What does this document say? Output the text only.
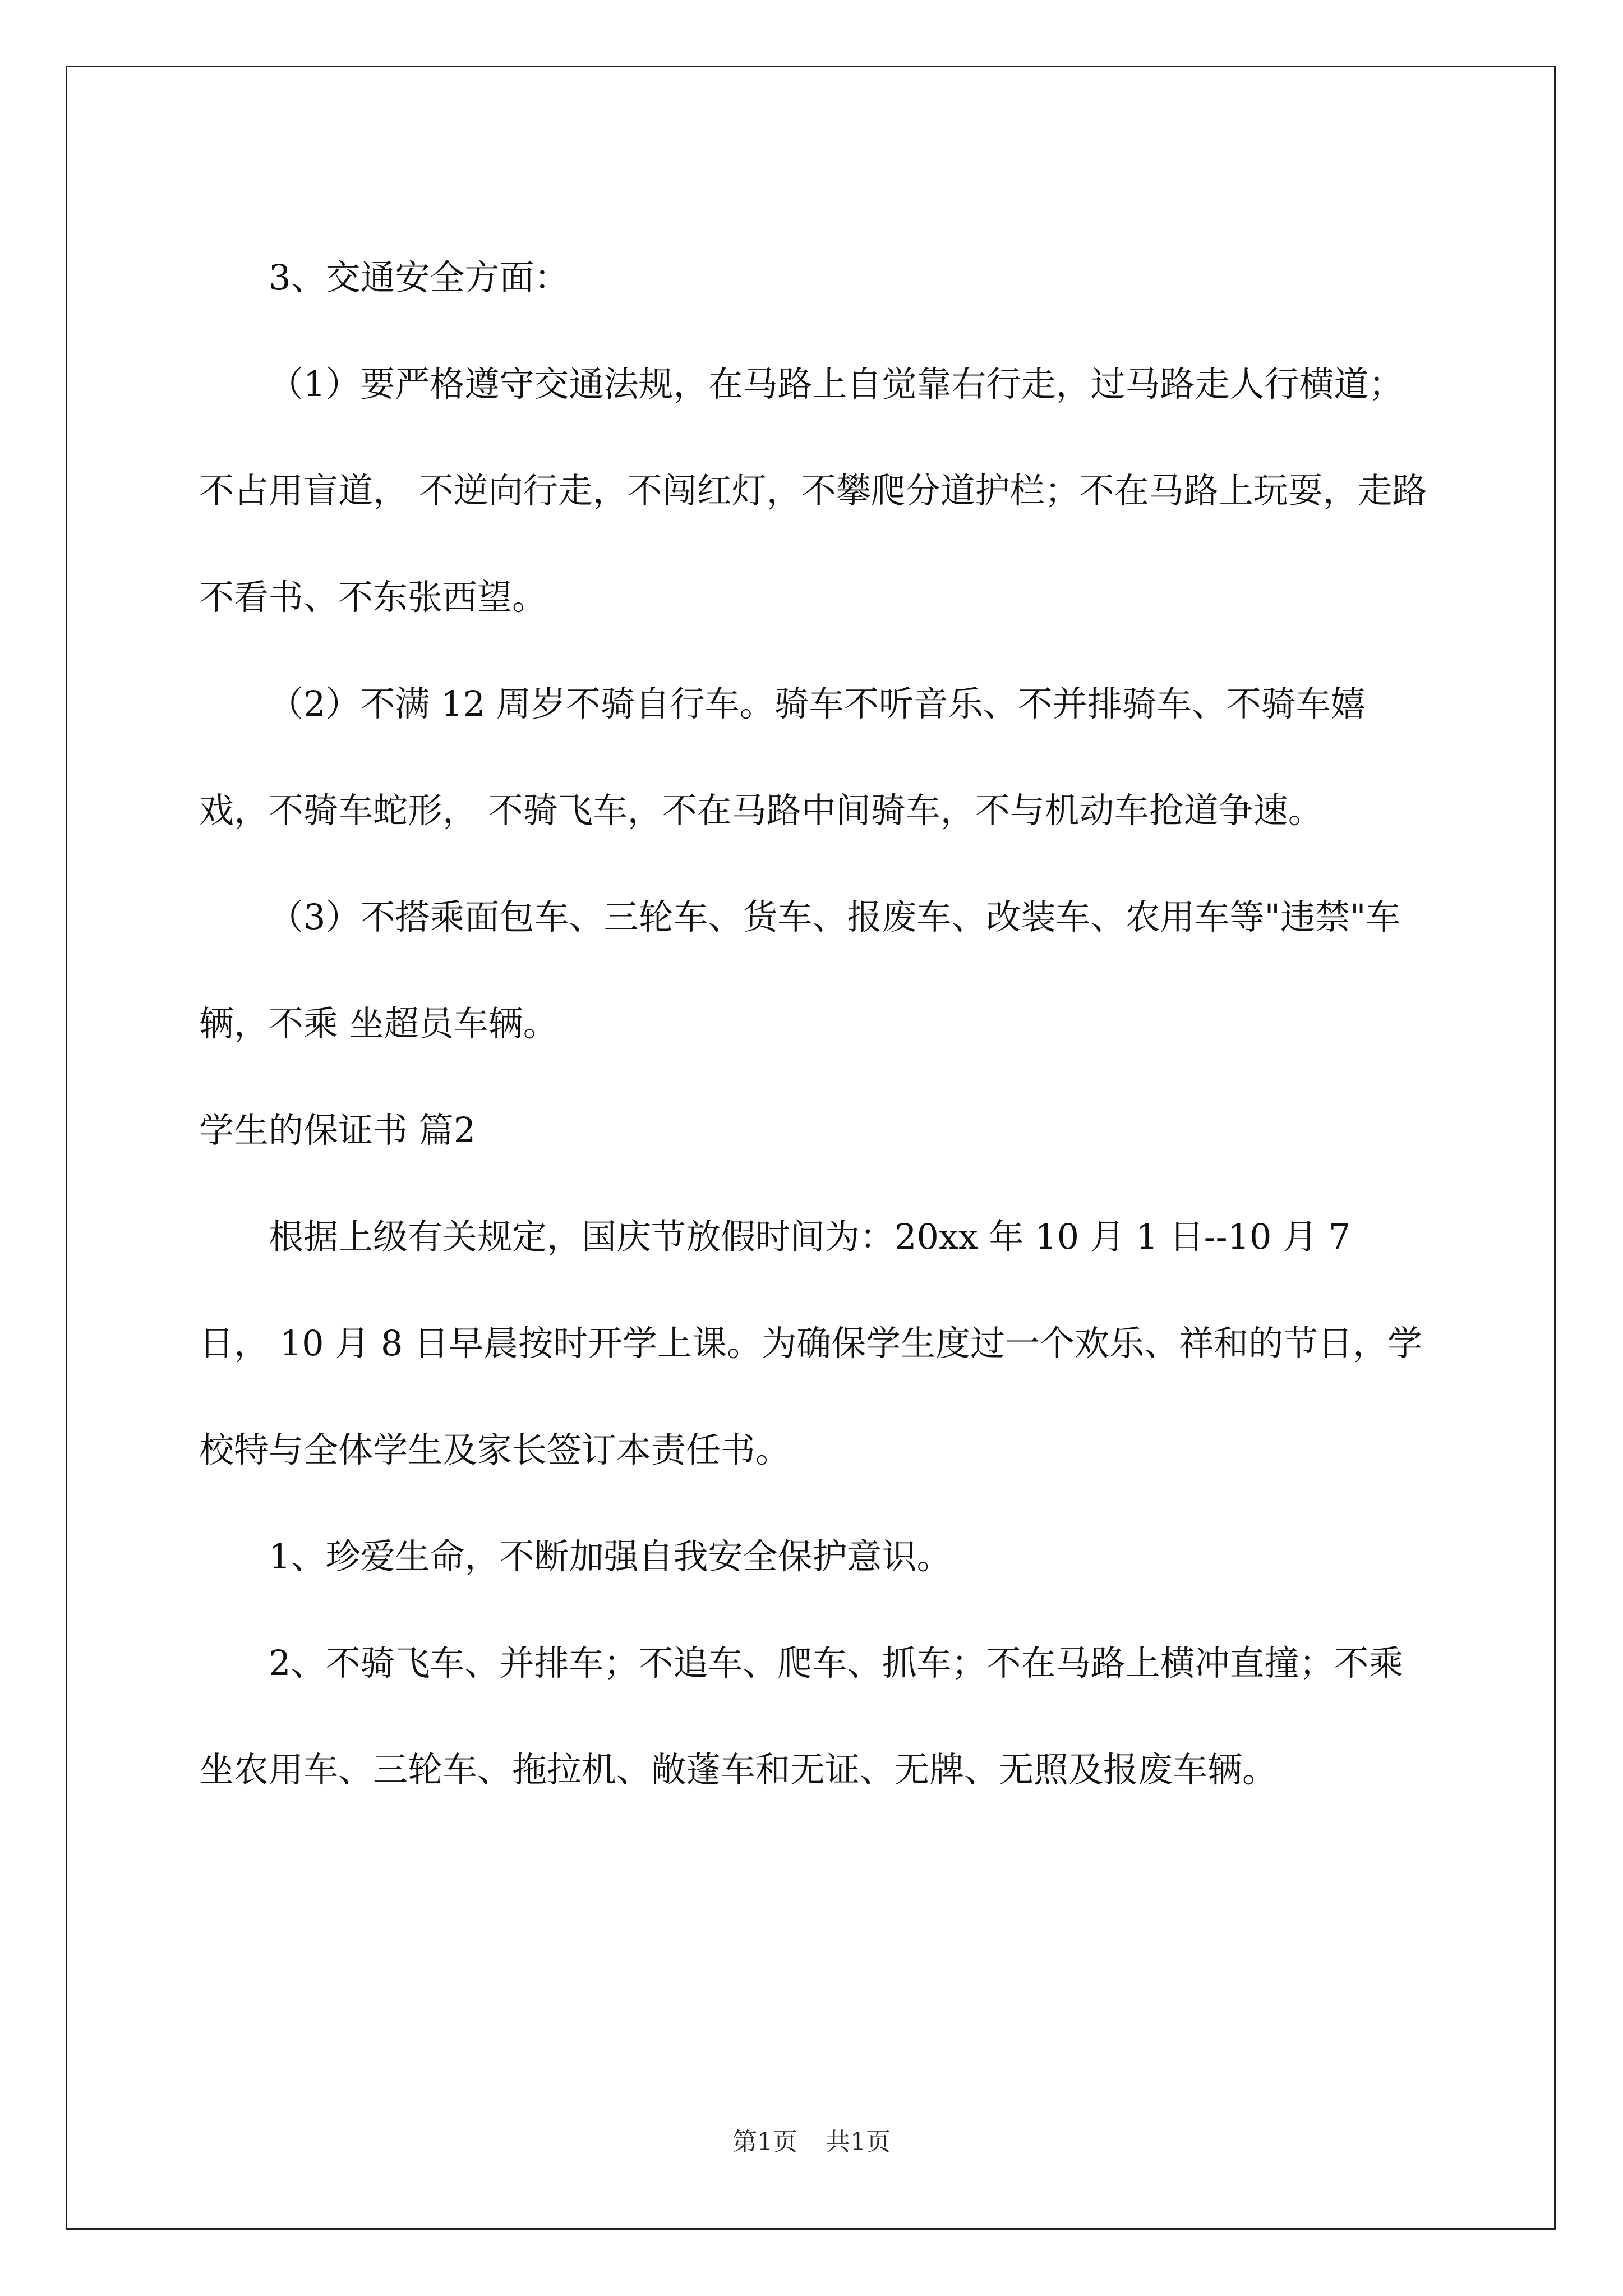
3、交通安全方面：

（1）要严格遵守交通法规，在马路上自觉靠右行走，过马路走人行横道；不占用盲道， 不逆向行走，不闯红灯，不攀爬分道护栏；不在马路上玩耍，走路不看书、不东张西望。

（2）不满 12 周岁不骑自行车。骑车不听音乐、不并排骑车、不骑车嬉戏，不骑车蛇形， 不骑飞车，不在马路中间骑车，不与机动车抢道争速。

（3）不搭乘面包车、三轮车、货车、报废车、改装车、农用车等"违禁"车辆，不乘 坐超员车辆。

学生的保证书 篇2

根据上级有关规定，国庆节放假时间为：20xx 年 10 月 1 日--10 月 7 日， 10 月 8 日早晨按时开学上课。为确保学生度过一个欢乐、祥和的节日，学校特与全体学生及家长签订本责任书。

1、珍爱生命，不断加强自我安全保护意识。

2、不骑飞车、并排车；不追车、爬车、抓车；不在马路上横冲直撞；不乘坐农用车、三轮车、拖拉机、敞蓬车和无证、无牌、无照及报废车辆。

第1页 共1页
